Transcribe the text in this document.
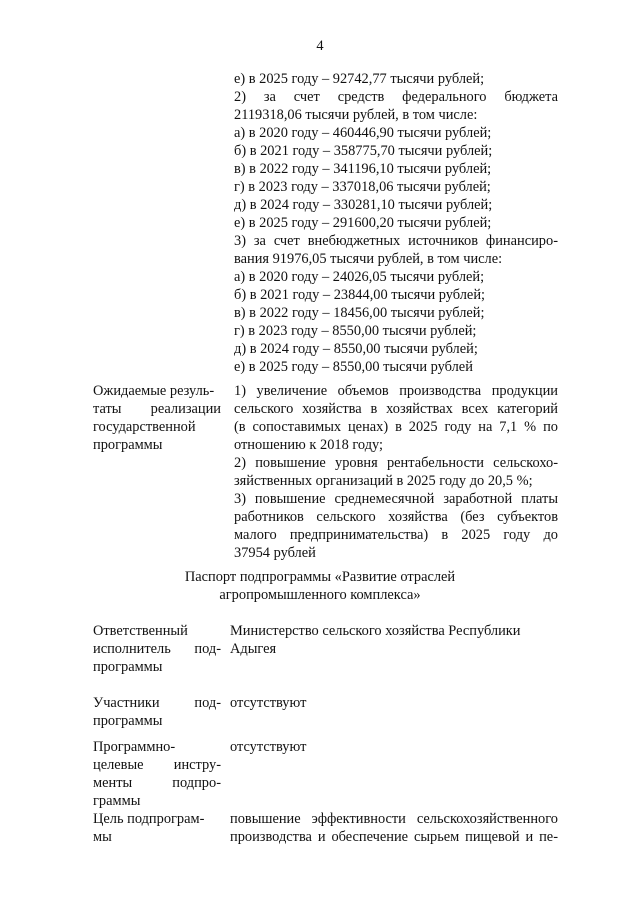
4
е) в 2025 году – 92742,77 тысячи рублей;
2) за счет средств федерального бюджета
2119318,06 тысячи рублей, в том числе:
а) в 2020 году – 460446,90 тысячи рублей;
б) в 2021 году – 358775,70 тысячи рублей;
в) в 2022 году – 341196,10 тысячи рублей;
г) в 2023 году – 337018,06 тысячи рублей;
д) в 2024 году – 330281,10 тысячи рублей;
е) в 2025 году – 291600,20 тысячи рублей;
3) за счет внебюджетных источников финансиро-
вания 91976,05 тысячи рублей, в том числе:
а) в 2020 году – 24026,05 тысячи рублей;
б) в 2021 году – 23844,00 тысячи рублей;
в) в 2022 году – 18456,00 тысячи рублей;
г) в 2023 году – 8550,00 тысячи рублей;
д) в 2024 году – 8550,00 тысячи рублей;
е) в 2025 году – 8550,00 тысячи рублей
Ожидаемые резуль-
таты реализации
государственной
программы
1) увеличение объемов производства продукции
сельского хозяйства в хозяйствах всех категорий
(в сопоставимых ценах) в 2025 году на 7,1 % по
отношению к 2018 году;
2) повышение уровня рентабельности сельскохо-
зяйственных организаций в 2025 году до 20,5 %;
3) повышение среднемесячной заработной платы
работников сельского хозяйства (без субъектов
малого предпринимательства) в 2025 году до
37954 рублей
Паспорт подпрограммы «Развитие отраслей
агропромышленного комплекса»
Ответственный
исполнитель под-
программы
Министерство сельского хозяйства Республики
Адыгея
Участники под-
программы
отсутствуют
Программно-
целевые инстру-
менты подпро-
граммы
отсутствуют
Цель подпрограм-
мы
повышение эффективности сельскохозяйственного
производства и обеспечение сырьем пищевой и пе-
